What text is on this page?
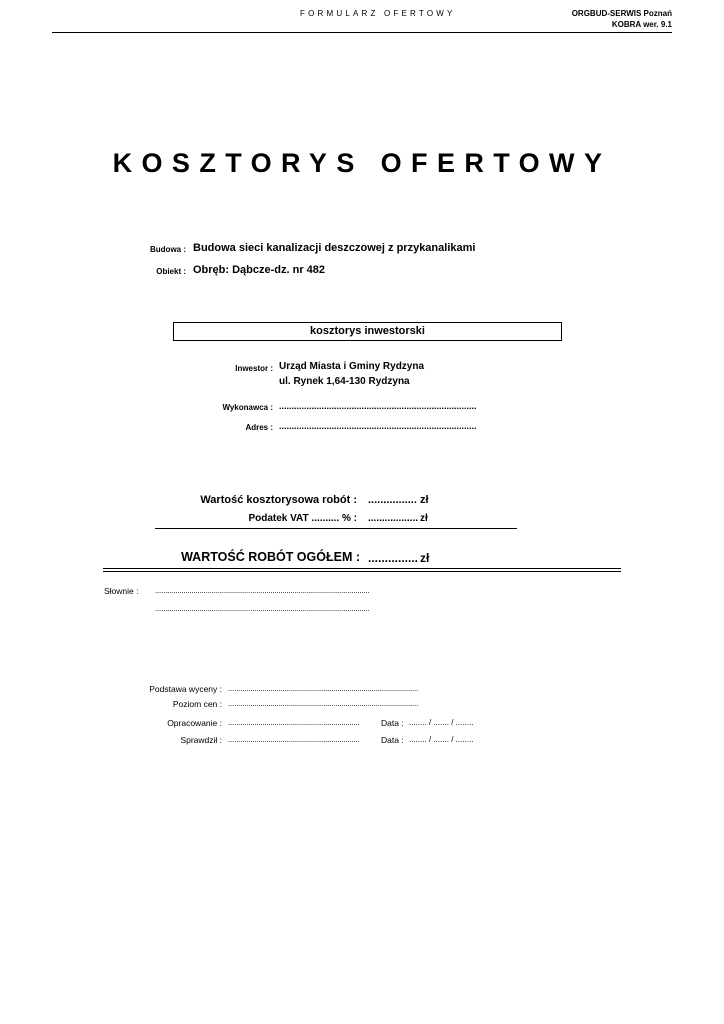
FORMULARZ OFERTOWY	ORGBUD-SERWIS Poznań
KOBRA wer. 9.1
KOSZTORYS OFERTOWY
Budowa : Budowa sieci kanalizacji deszczowej z przykanalikami
Obiekt : Obręb: Dąbcze-dz. nr 482
kosztorys inwestorski
Inwestor : Urząd Miasta i Gminy Rydzyna
ul. Rynek 1,64-130 Rydzyna
Wykonawca : ...............................................................................
Adres : ...............................................................................
Wartość kosztorysowa robót : ................ zł
Podatek VAT .......... % : .................. zł
WARTOŚĆ ROBÓT OGÓŁEM : ............... zł
Słownie : ..........................................................................................................
..........................................................................................................
Podstawa wyceny : ..............................................................................................
Poziom cen : ..............................................................................................
Opracowanie : .................................................................
Sprawdził : .................................................................
Data : ........ / ....... / ........
Data : ........ / ....... / ........
